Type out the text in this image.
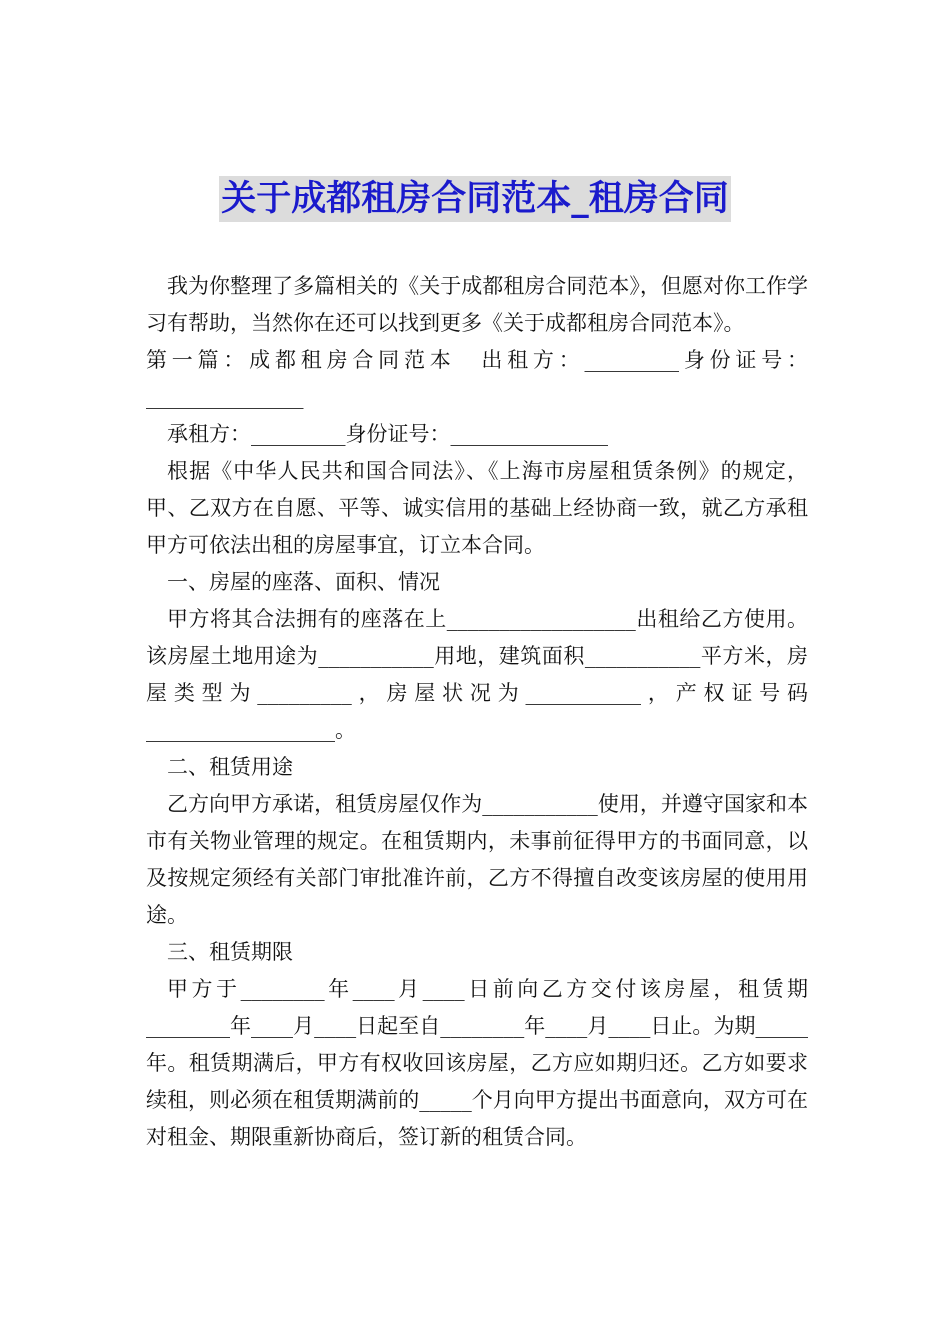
关于成都租房合同范本_租房合同

我为你整理了多篇相关的《关于成都租房合同范本》，但愿对你工作学习有帮助，当然你在还可以找到更多《关于成都租房合同范本》。

第一篇：成都租房合同范本　出租方：_________身份证号：_______________

承租方：_________身份证号：_______________

根据《中华人民共和国合同法》、《上海市房屋租赁条例》的规定，甲、乙双方在自愿、平等、诚实信用的基础上经协商一致，就乙方承租甲方可依法出租的房屋事宜，订立本合同。

一、房屋的座落、面积、情况

甲方将其合法拥有的座落在上__________________出租给乙方使用。该房屋土地用途为___________用地，建筑面积___________平方米，房屋类型为_________，房屋状况为___________，产权证号码__________________。

二、租赁用途

乙方向甲方承诺，租赁房屋仅作为___________使用，并遵守国家和本市有关物业管理的规定。在租赁期内，未事前征得甲方的书面同意，以及按规定须经有关部门审批准许前，乙方不得擅自改变该房屋的使用用途。

三、租赁期限

甲方于________年____月____日前向乙方交付该房屋，租赁期________年____月____日起至自________年____月____日止。为期_____年。租赁期满后，甲方有权收回该房屋，乙方应如期归还。乙方如要求续租，则必须在租赁期满前的_____个月向甲方提出书面意向，双方可在对租金、期限重新协商后，签订新的租赁合同。
